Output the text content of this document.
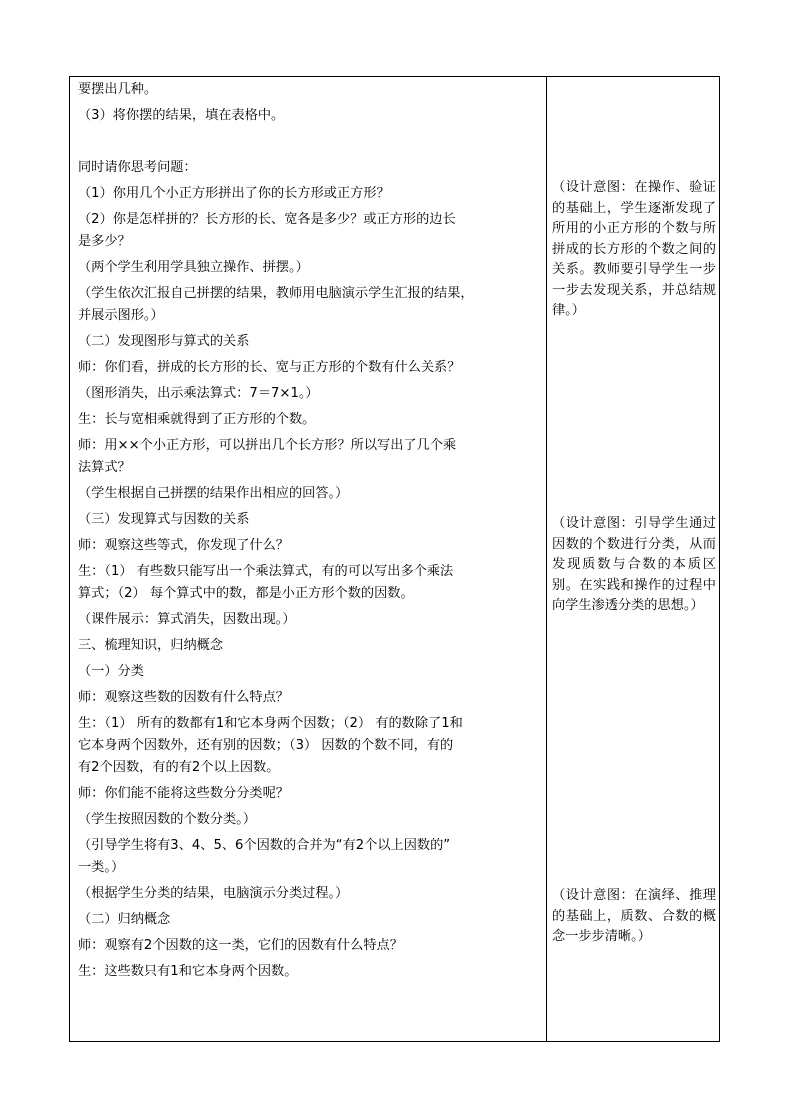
要摆出几种。
（3）将你摆的结果，填在表格中。
同时请你思考问题：
（1）你用几个小正方形拼出了你的长方形或正方形？
（2）你是怎样拼的？长方形的长、宽各是多少？或正方形的边长
是多少？
（两个学生利用学具独立操作、拼摆。）
（学生依次汇报自己拼摆的结果，教师用电脑演示学生汇报的结果，
并展示图形。）
（二）发现图形与算式的关系
师：你们看，拼成的长方形的长、宽与正方形的个数有什么关系？
（图形消失，出示乘法算式：7＝7×1。）
生：长与宽相乘就得到了正方形的个数。
师：用××个小正方形，可以拼出几个长方形？所以写出了几个乘
法算式？
（学生根据自己拼摆的结果作出相应的回答。）
（三）发现算式与因数的关系
师：观察这些等式，你发现了什么？
生：（1） 有些数只能写出一个乘法算式，有的可以写出多个乘法
算式；（2） 每个算式中的数，都是小正方形个数的因数。
（课件展示：算式消失，因数出现。）
三、梳理知识，归纳概念
（一）分类
师：观察这些数的因数有什么特点？
生：（1） 所有的数都有1和它本身两个因数；（2） 有的数除了1和
它本身两个因数外，还有别的因数；（3） 因数的个数不同，有的
有2个因数，有的有2个以上因数。
师：你们能不能将这些数分分类呢？
（学生按照因数的个数分类。）
（引导学生将有3、4、5、6个因数的合并为“有2个以上因数的”
一类。）
（根据学生分类的结果，电脑演示分类过程。）
（二）归纳概念
师：观察有2个因数的这一类，它们的因数有什么特点？
生：这些数只有1和它本身两个因数。
（设计意图：在操作、验证的基础上，学生逐渐发现了所用的小正方形的个数与所拼成的长方形的个数之间的关系。教师要引导学生一步一步去发现关系，并总结规律。）
（设计意图：引导学生通过因数的个数进行分类，从而发现质数与合数的本质区别。在实践和操作的过程中向学生渗透分类的思想。）
（设计意图：在演绎、推理的基础上，质数、合数的概念一步步清晰。）
